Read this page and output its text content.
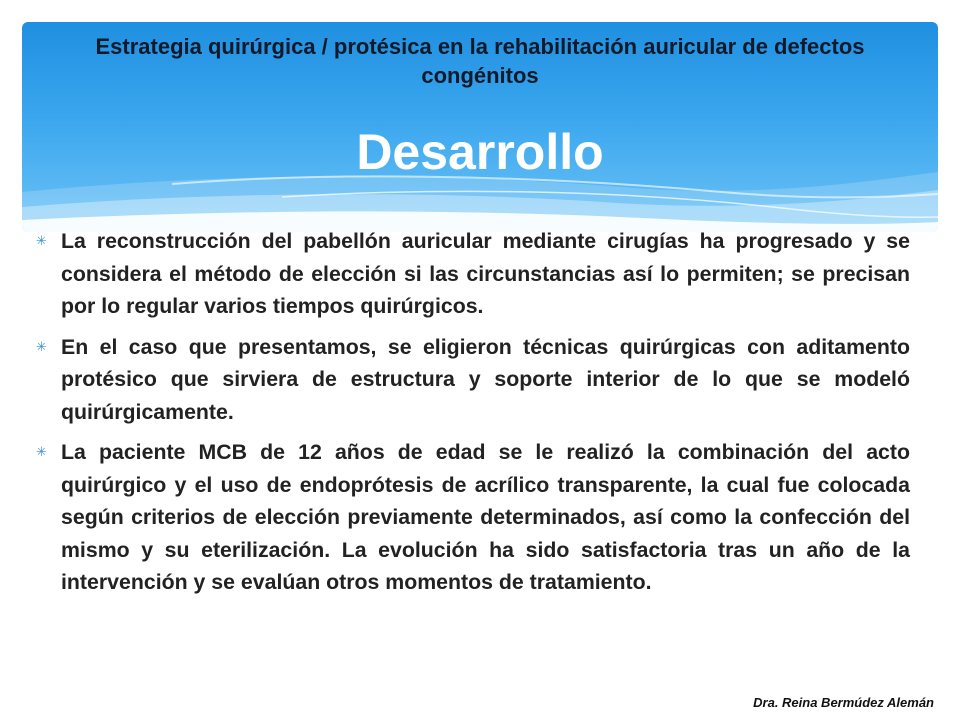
Estrategia quirúrgica / protésica en la rehabilitación auricular de defectos congénitos
Desarrollo
✳ La reconstrucción del pabellón auricular mediante cirugías ha progresado y se considera el método de elección si las circunstancias así lo permiten; se precisan por lo regular varios tiempos quirúrgicos.
✳ En el caso que presentamos, se eligieron técnicas quirúrgicas con aditamento protésico que sirviera de estructura y soporte interior de lo que se modeló quirúrgicamente.
✳ La paciente MCB de 12 años de edad se le realizó la combinación del acto quirúrgico y el uso de endoprótesis de acrílico transparente, la cual fue colocada según criterios de elección previamente determinados, así como la confección del mismo y su eterilización. La evolución ha sido satisfactoria tras un año de la intervención y se evalúan otros momentos de tratamiento.
Dra. Reina Bermúdez Alemán
